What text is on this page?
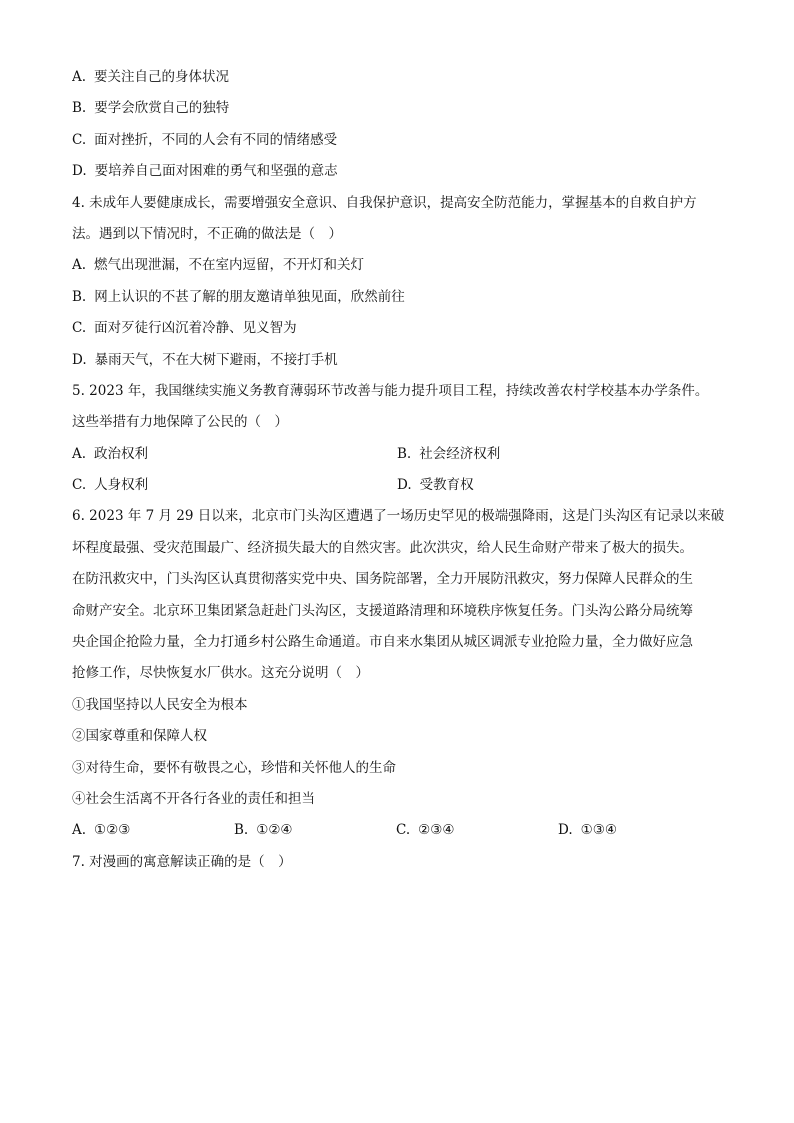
A. 要关注自己的身体状况
B. 要学会欣赏自己的独特
C. 面对挫折，不同的人会有不同的情绪感受
D. 要培养自己面对困难的勇气和坚强的意志
4. 未成年人要健康成长，需要增强安全意识、自我保护意识，提高安全防范能力，掌握基本的自救自护方
法。遇到以下情况时，不正确的做法是（　）
A. 燃气出现泄漏，不在室内逗留，不开灯和关灯
B. 网上认识的不甚了解的朋友邀请单独见面，欣然前往
C. 面对歹徒行凶沉着冷静、见义智为
D. 暴雨天气，不在大树下避雨，不接打手机
5. 2023 年，我国继续实施义务教育薄弱环节改善与能力提升项目工程，持续改善农村学校基本办学条件。
这些举措有力地保障了公民的（　）
A. 政治权利	B. 社会经济权利
C. 人身权利	D. 受教育权
6. 2023 年 7 月 29 日以来，北京市门头沟区遭遇了一场历史罕见的极端强降雨，这是门头沟区有记录以来破
坏程度最强、受灾范围最广、经济损失最大的自然灾害。此次洪灾，给人民生命财产带来了极大的损失。
在防汛救灾中，门头沟区认真贯彻落实党中央、国务院部署，全力开展防汛救灾，努力保障人民群众的生
命财产安全。北京环卫集团紧急赶赴门头沟区，支援道路清理和环境秩序恢复任务。门头沟公路分局统筹
央企国企抢险力量，全力打通乡村公路生命通道。市自来水集团从城区调派专业抢险力量，全力做好应急
抢修工作，尽快恢复水厂供水。这充分说明（　）
①我国坚持以人民安全为根本
②国家尊重和保障人权
③对待生命，要怀有敬畏之心，珍惜和关怀他人的生命
④社会生活离不开各行各业的责任和担当
A. ①②③	B. ①②④	C. ②③④	D. ①③④
7. 对漫画的寓意解读正确的是（　）
